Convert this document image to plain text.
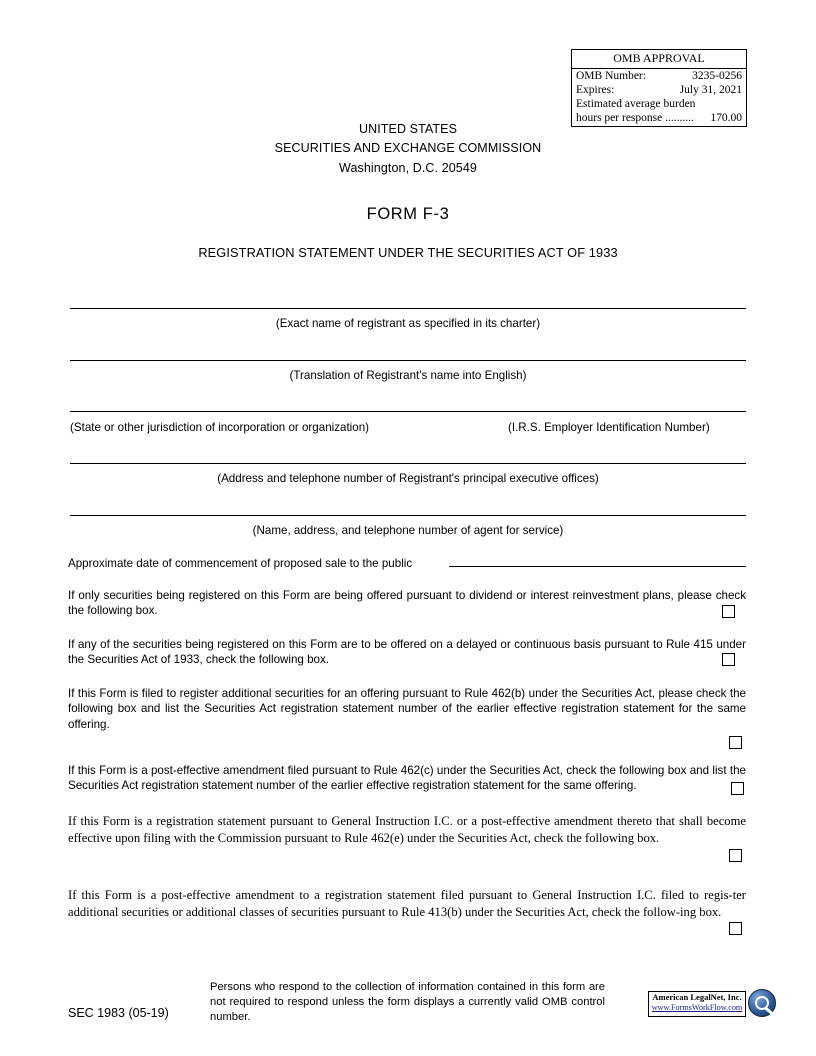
OMB APPROVAL
OMB Number:	3235-0256
Expires:	July 31, 2021
Estimated average burden
hours per response .......... 170.00
UNITED STATES
SECURITIES AND EXCHANGE COMMISSION
Washington, D.C. 20549
FORM F-3
REGISTRATION STATEMENT UNDER THE SECURITIES ACT OF 1933
(Exact name of registrant as specified in its charter)
(Translation of Registrant's name into English)
(State or other jurisdiction of incorporation or organization)	(I.R.S. Employer Identification Number)
(Address and telephone number of Registrant's principal executive offices)
(Name, address, and telephone number of agent for service)
Approximate date of commencement of proposed sale to the public
If only securities being registered on this Form are being offered pursuant to dividend or interest reinvestment plans, please check the following box.
If any of the securities being registered on this Form are to be offered on a delayed or continuous basis pursuant to Rule 415 under the Securities Act of 1933, check the following box.
If this Form is filed to register additional securities for an offering pursuant to Rule 462(b) under the Securities Act, please check the following box and list the Securities Act registration statement number of the earlier effective registration statement for the same offering.
If this Form is a post-effective amendment filed pursuant to Rule 462(c) under the Securities Act, check the following box and list the Securities Act registration statement number of the earlier effective registration statement for the same offering.
If this Form is a registration statement pursuant to General Instruction I.C. or a post-effective amendment thereto that shall become effective upon filing with the Commission pursuant to Rule 462(e) under the Securities Act, check the following box.
If this Form is a post-effective amendment to a registration statement filed pursuant to General Instruction I.C. filed to regis-ter additional securities or additional classes of securities pursuant to Rule 413(b) under the Securities Act, check the follow-ing box.
Persons who respond to the collection of information contained in this form are not required to respond unless the form displays a currently valid OMB control number.
SEC 1983 (05-19)
American LegalNet, Inc.
www.FormsWorkFlow.com
